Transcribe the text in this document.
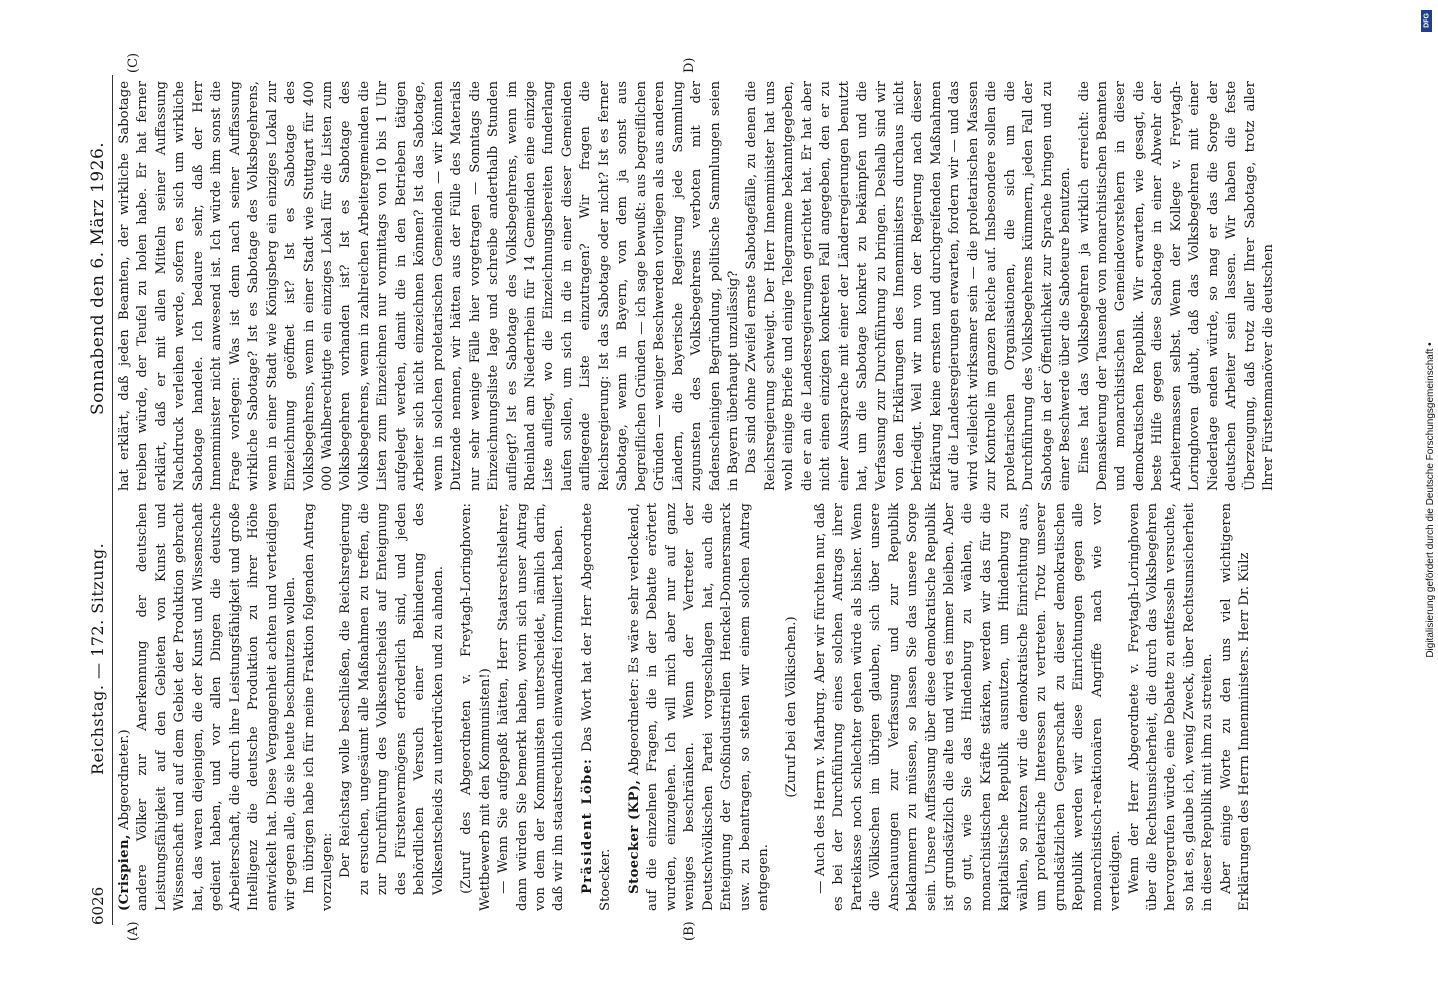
6026
Reichstag. — 172. Sitzung.
Sonnabend den 6. März 1926.
(A)	(B)
(C)	D)

(Crispien, Abgeordneter.) andere Völker zur Anerkennung der deutschen Leistungsfähigkeit auf den Gebieten von Kunst und Wissenschaft und auf dem Gebiet der Produktion gebracht hat, das waren diejenigen, die der Kunst und Wissenschaft gedient haben, und vor allen Dingen die deutsche Arbeiterschaft, die durch ihre Leistungsfähigkeit und große Intelligenz die deutsche Produktion zu ihrer Höhe entwickelt hat. Diese Vergangenheit achten und verteidigen wir gegen alle, die sie heute beschmutzen wollen. Im übrigen habe ich für meine Fraktion folgenden Antrag vorzulegen: Der Reichstag wolle beschließen, die Reichsregierung zu ersuchen, ungesäumt alle Maßnahmen zu treffen, die zur Durchführung des Volksentscheids auf Enteignung des Fürstenvermögens erforderlich sind, und jeden behördlichen Versuch einer Behinderung des Volksentscheids zu unterdrücken und zu ahnden. (Zuruf des Abgeordneten v. Freytagh-Loringhoven: Wettbewerb mit den Kommunisten!) — Wenn Sie aufgepaßt hätten, Herr Staatsrechtslehrer, dann würden Sie bemerkt haben, worin sich unser Antrag von dem der Kommunisten unterscheidet, nämlich darin, daß wir ihn staatsrechtlich einwandfrei formuliert haben. Präsident Löbe: Das Wort hat der Herr Abgeordnete Stoecker. Stoecker (KP), Abgeordneter: Es wäre sehr verlockend, auf die einzelnen Fragen, die in der Debatte erörtert wurden, einzugehen. Ich will mich aber nur auf ganz weniges beschränken. Wenn der Vertreter der Deutschvölkischen Partei vorgeschlagen hat, auch die Enteignung der Großindustriellen Henckel-Donnersmarck usw. zu beantragen, so stehen wir einem solchen Antrag entgegen.

(Zuruf bei den Völkischen.) — Auch des Herrn v. Marburg. Aber wir fürchten nur, daß es bei der Durchführung eines solchen Antrags ihrer Parteikasse noch schlechter gehen würde als bisher. Wenn die Völkischen im übrigen glauben, sich über unsere Anschauungen zur Verfassung und zur Republik beklammern zu müssen, so lassen Sie das unsere Sorge sein. Unsere Auffassung über diese demokratische Republik ist grundsätzlich die alte und wird es immer bleiben. Aber so gut, wie Sie das Hindenburg zu wählen, die monarchistischen Kräfte stärken, werden wir das für die kapitalistische Republik ausnutzen, um Hindenburg zu wählen, so nutzen wir die demokratische Einrichtung aus, um proletarische Interessen zu vertreten. Trotz unserer grundsätzlichen Gegnerschaft zu dieser demokratischen Republik werden wir diese Einrichtungen gegen alle monarchistisch-reaktionären Angriffe nach wie vor verteidigen. Wenn der Herr Abgeordnete v. Freytagh-Loringhoven über die Rechtsunsicherheit, die durch das Volksbegehren hervorgerufen würde, eine Debatte zu entfesseln versuchte, so hat es, glaube ich, wenig Zweck, über Rechtsunsicherheit in dieser Republik mit ihm zu streiten. Aber einige Worte zu den uns viel wichtigeren Erklärungen des Herrn Innenministers. Herr Dr. Külz

hat erklärt, daß jeden Beamten, der wirkliche Sabotage treiben würde, der Teufel zu holen habe. Er hat ferner erklärt, daß er mit allen Mitteln seiner Auffassung Nachdruck verleihen werde, sofern es sich um wirkliche Sabotage handele. Ich bedaure sehr, daß der Herr Innenminister nicht anwesend ist. Ich würde ihm sonst die Frage vorlegen: Was ist denn nach seiner Auffassung wirkliche Sabotage? Ist es Sabotage des Volksbegehrens, wenn in einer Stadt wie Königsberg ein einziges Lokal zur Einzeichnung geöffnet ist? Ist es Sabotage des Volksbegehrens, wenn in einer Stadt wie Stuttgart für 400 000 Wahlberechtigte ein einziges Lokal für die Listen zum Volksbegehren vorhanden ist? Ist es Sabotage des Volksbegehrens, wenn in zahlreichen Arbeitergemeinden die Listen zum Einzeichnen nur vormittags von 10 bis 1 Uhr aufgelegt werden, damit die in den Betrieben tätigen Arbeiter sich nicht einzeichnen können? Ist das Sabotage, wenn in solchen proletarischen Gemeinden — wir könnten Dutzende nennen, wir hätten aus der Fülle des Materials nur sehr wenige Fälle hier vorgetragen — Sonntags die Einzeichnungsliste lage und schreibe anderthalb Stunden aufliegt? Ist es Sabotage des Volksbegehrens, wenn im Rheinland am Niederrhein für 14 Gemeinden eine einzige Liste aufliegt, wo die Einzeichnungsbereiten funderlang laufen sollen, um sich in die in einer dieser Gemeinden aufliegende Liste einzutragen? Wir fragen die Reichsregierung: Ist das Sabotage oder nicht? Ist es ferner Sabotage, wenn in Bayern, von dem ja sonst aus begreiflichen Gründen — ich sage bewußt: aus begreiflichen Gründen — weniger Beschwerden vorliegen als aus anderen Ländern, die bayerische Regierung jede Sammlung zugunsten des Volksbegehrens verboten mit der fadenscheinigen Begründung, politische Sammlungen seien in Bayern überhaupt unzulässig? Das sind ohne Zweifel ernste Sabotagefälle, zu denen die Reichsregierung schweigt. Der Herr Innenminister hat uns wohl einige Briefe und einige Telegramme bekanntgegeben, die er an die Landesregierungen gerichtet hat. Er hat aber nicht einen einzigen konkreten Fall angegeben, den er zu einer Aussprache mit einer der Länderregierungen benutzt hat, um die Sabotage konkret zu bekämpfen und die Verfassung zur Durchführung zu bringen. Deshalb sind wir von den Erklärungen des Innenministers durchaus nicht befriedigt. Weil wir nun von der Regierung nach dieser Erklärung keine ernsten und durchgreifenden Maßnahmen auf die Landesregierungen erwarten, fordern wir — und das wird vielleicht wirksamer sein — die proletarischen Massen zur Kontrolle im ganzen Reiche auf. Insbesondere sollen die proletarischen Organisationen, die sich um die Durchführung des Volksbegehrens kümmern, jeden Fall der Sabotage in der Öffentlichkeit zur Sprache bringen und zu einer Beschwerde über die Saboteure benutzen. Eines hat das Volksbegehren ja wirklich erreicht: die Demaskierung der Tausende von monarchistischen Beamten und monarchistischen Gemeindevorstehern in dieser demokratischen Republik. Wir erwarten, wie gesagt, die beste Hilfe gegen diese Sabotage in einer Abwehr der Arbeitermassen selbst. Wenn der Kollege v. Freytagh-Loringhoven glaubt, daß das Volksbegehren mit einer Niederlage enden würde, so mag er das die Sorge der deutschen Arbeiter sein lassen. Wir haben die feste Überzeugung, daß trotz aller Ihrer Sabotage, trotz aller Ihrer Fürstenmanöver die deutschen	Digitalisierung gefördert durch die Deutsche Forschungsgemeinschaft •
DFG
